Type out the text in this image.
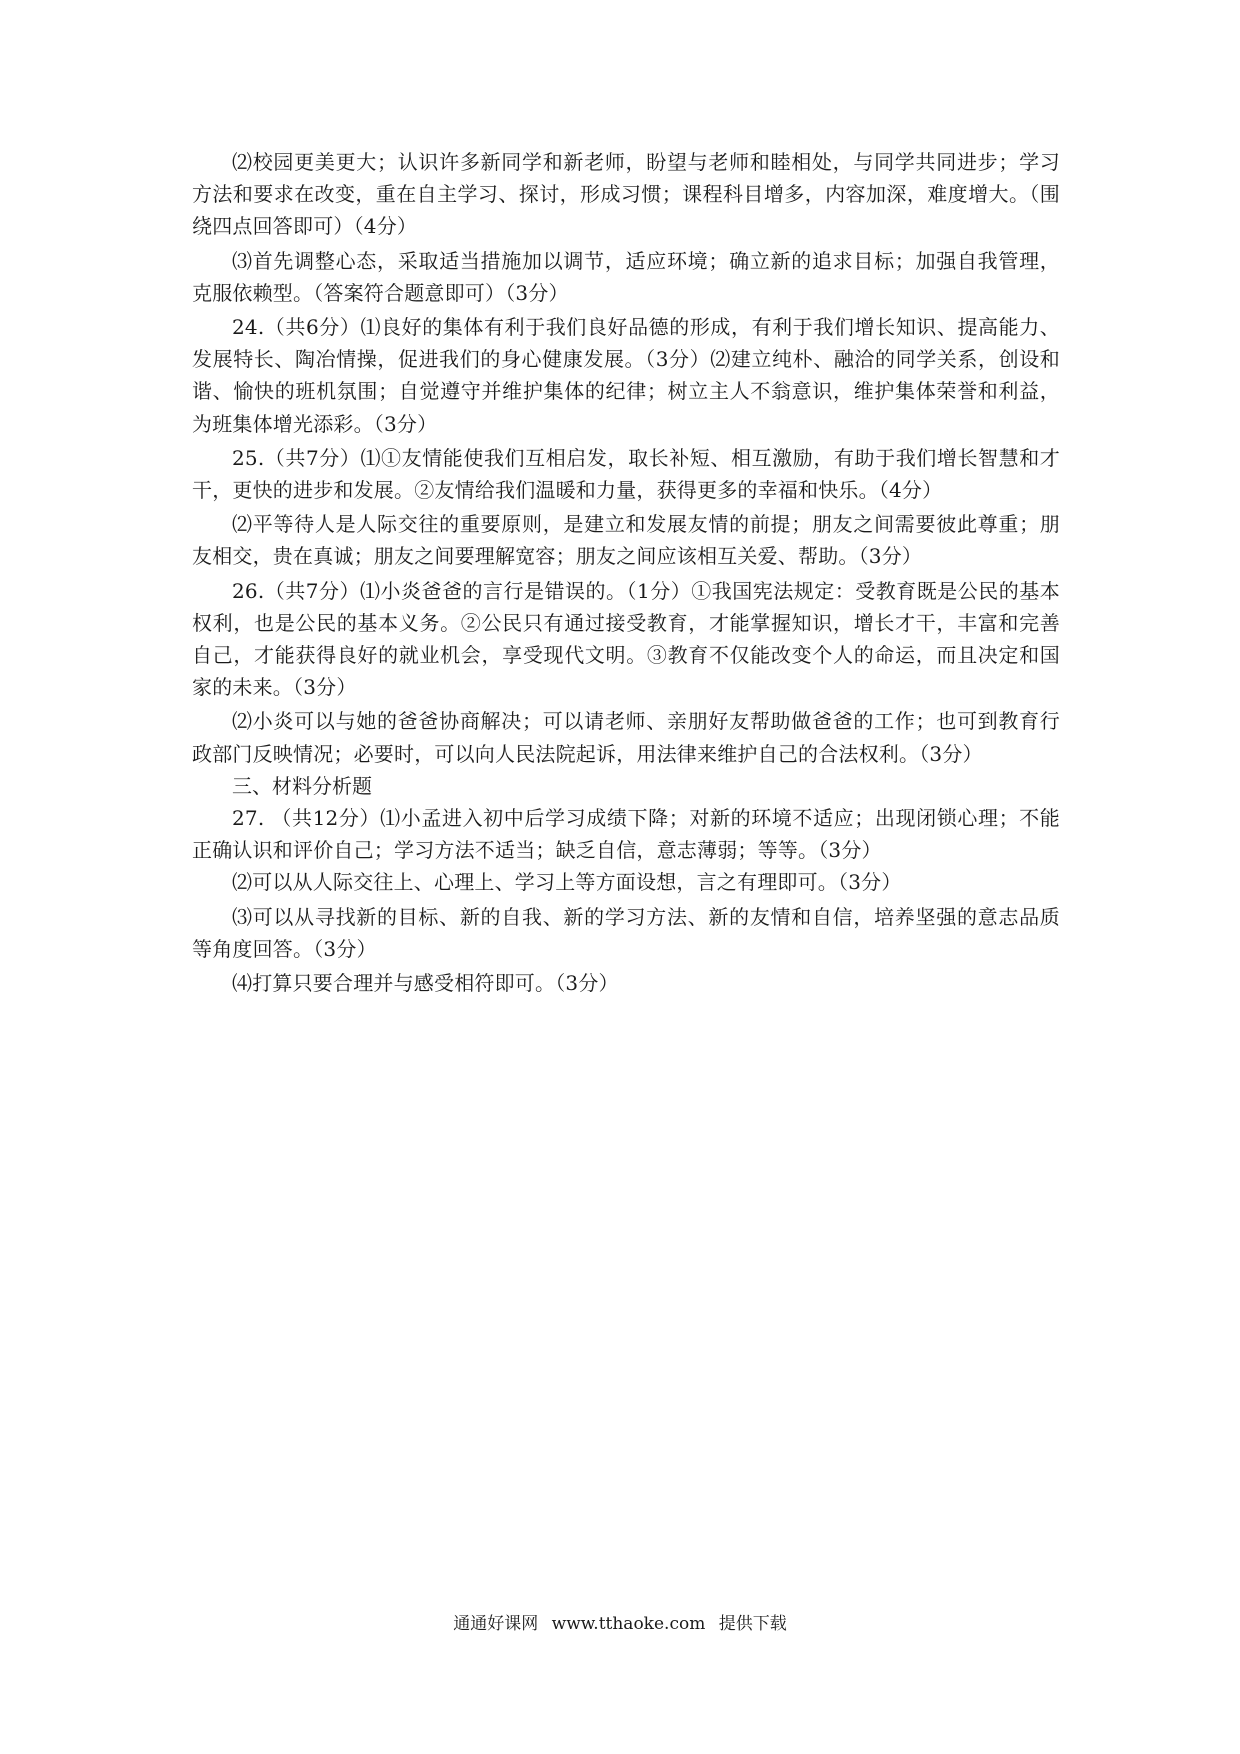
⑵校园更美更大；认识许多新同学和新老师，盼望与老师和睦相处，与同学共同进步；学习方法和要求在改变，重在自主学习、探讨，形成习惯；课程科目增多，内容加深，难度增大。（围绕四点回答即可）（4分）

⑶首先调整心态，采取适当措施加以调节，适应环境；确立新的追求目标；加强自我管理，克服依赖型。（答案符合题意即可）（3分）

24.（共6分）⑴良好的集体有利于我们良好品德的形成，有利于我们增长知识、提高能力、发展特长、陶冶情操，促进我们的身心健康发展。（3分）⑵建立纯朴、融洽的同学关系，创设和谐、愉快的班机氛围；自觉遵守并维护集体的纪律；树立主人不翁意识，维护集体荣誉和利益，为班集体增光添彩。（3分）

25.（共7分）⑴①友情能使我们互相启发，取长补短、相互激励，有助于我们增长智慧和才干，更快的进步和发展。②友情给我们温暖和力量，获得更多的幸福和快乐。（4分）

⑵平等待人是人际交往的重要原则，是建立和发展友情的前提；朋友之间需要彼此尊重；朋友相交，贵在真诚；朋友之间要理解宽容；朋友之间应该相互关爱、帮助。（3分）

26.（共7分）⑴小炎爸爸的言行是错误的。（1分）①我国宪法规定：受教育既是公民的基本权利，也是公民的基本义务。②公民只有通过接受教育，才能掌握知识，增长才干，丰富和完善自己，才能获得良好的就业机会，享受现代文明。③教育不仅能改变个人的命运，而且决定和国家的未来。（3分）

⑵小炎可以与她的爸爸协商解决；可以请老师、亲朋好友帮助做爸爸的工作；也可到教育行政部门反映情况；必要时，可以向人民法院起诉，用法律来维护自己的合法权利。（3分）

三、材料分析题

27. （共12分）⑴小孟进入初中后学习成绩下降；对新的环境不适应；出现闭锁心理；不能正确认识和评价自己；学习方法不适当；缺乏自信，意志薄弱；等等。（3分）

⑵可以从人际交往上、心理上、学习上等方面设想，言之有理即可。（3分）

⑶可以从寻找新的目标、新的自我、新的学习方法、新的友情和自信，培养坚强的意志品质等角度回答。（3分）

⑷打算只要合理并与感受相符即可。（3分）

通通好课网 www.tthaoke.com 提供下载
